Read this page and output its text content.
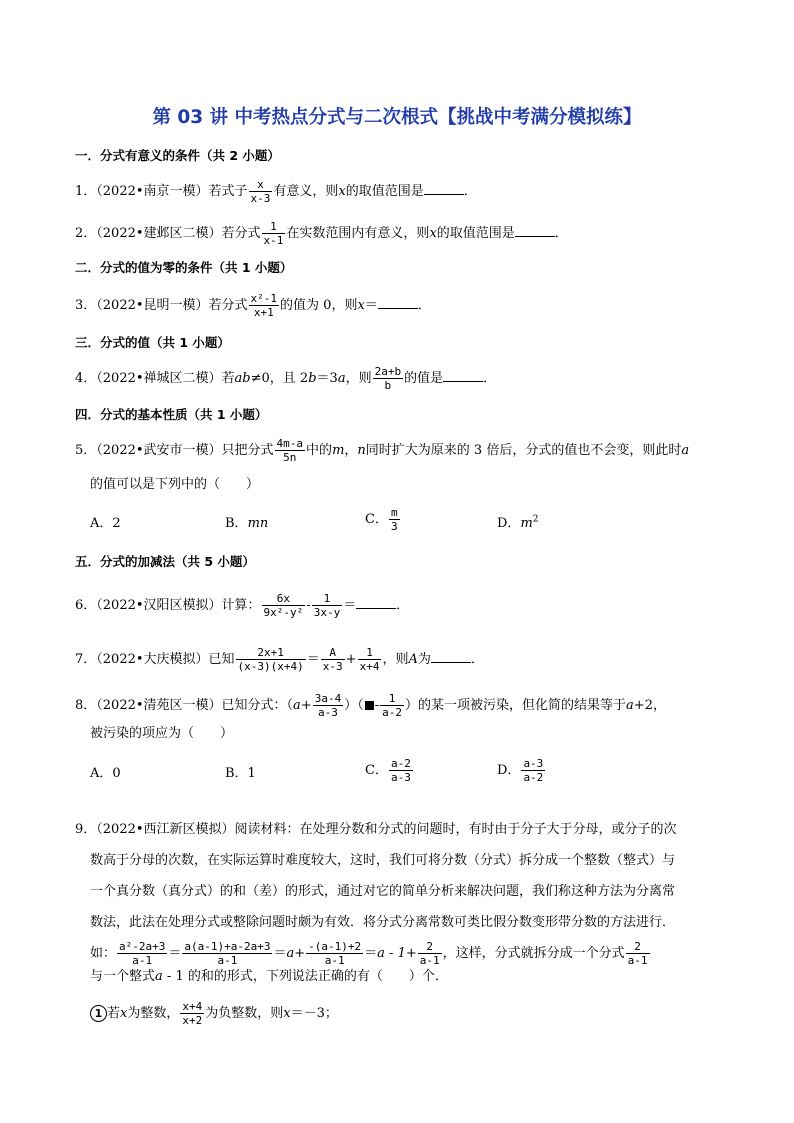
第 03 讲 中考热点分式与二次根式【挑战中考满分模拟练】
一．分式有意义的条件（共 2 小题）
1．（2022•南京一模）若式子 $\frac{x}{x-3}$ 有意义，则x的取值范围是	．
2．（2022•建邺区二模）若分式 $\frac{1}{x-1}$ 在实数范围内有意义，则x的取值范围是	．
二．分式的值为零的条件（共 1 小题）
3．（2022•昆明一模）若分式 $\frac{\text{x²-1}}{x+1}$ 的值为 0，则x＝	．
三．分式的值（共 1 小题）
4．（2022•禅城区二模）若ab≠0，且 2b＝3a，则 $\frac{2a+b}{b}$ 的值是	．
四．分式的基本性质（共 1 小题）
5．（2022•武安市一模）只把分式 $\frac{4m-a}{5n}$ 中的m，n同时扩大为原来的 3 倍后，分式的值也不会变，则此时a
的值可以是下列中的（　　）
A．2	B．mn	C． $\frac{m}{3}$	D．$m^2$
五．分式的加减法（共 5 小题）
6．（2022•汉阳区模拟）计算： $\frac{6x}{\text{9x²-y²}} - \frac{1}{3x-y}$ ＝	．
7．（2022•大庆模拟）已知 $\frac{2x+1}{(x-3)(x+4)} = \frac{A}{x-3} + \frac{1}{x+4}$ ，则A为	．
8．（2022•清苑区一模）已知分式：（$a+ \frac{3a-4}{a-3}$ ）（ - $\frac{1}{a-2}$ ）的某一项被污染，但化简的结果等于a+2，
被污染的项应为（　　）
A．0	B．1	C． $\frac{a-2}{a-3}$	D． $\frac{a-3}{a-2}$
9．（2022•西江新区模拟）阅读材料：在处理分数和分式的问题时，有时由于分子大于分母，或分子的次
数高于分母的次数，在实际运算时难度较大，这时，我们可将分数（分式）拆分成一个整数（整式）与
一个真分数（真分式）的和（差）的形式，通过对它的简单分析来解决问题，我们称这种方法为分离常
数法，此法在处理分式或整除问题时颇为有效．将分式分离常数可类比假分数变形带分数的方法进行．
如： $\frac{\text{a²-2a+3}}{a-1} = \frac{a(a-1)+a-2a+3}{a-1} =a+ \frac{-(a-1)+2}{a-1} =a - 1+ \frac{2}{a-1}$ ，这样，分式就拆分成一个分式 $\frac{2}{a-1}$
与一个整式a - 1 的和的形式，下列说法正确的有（　　）个．
1 若x为整数， $\frac{x+4}{x+2}$ 为负整数，则x＝－3；
